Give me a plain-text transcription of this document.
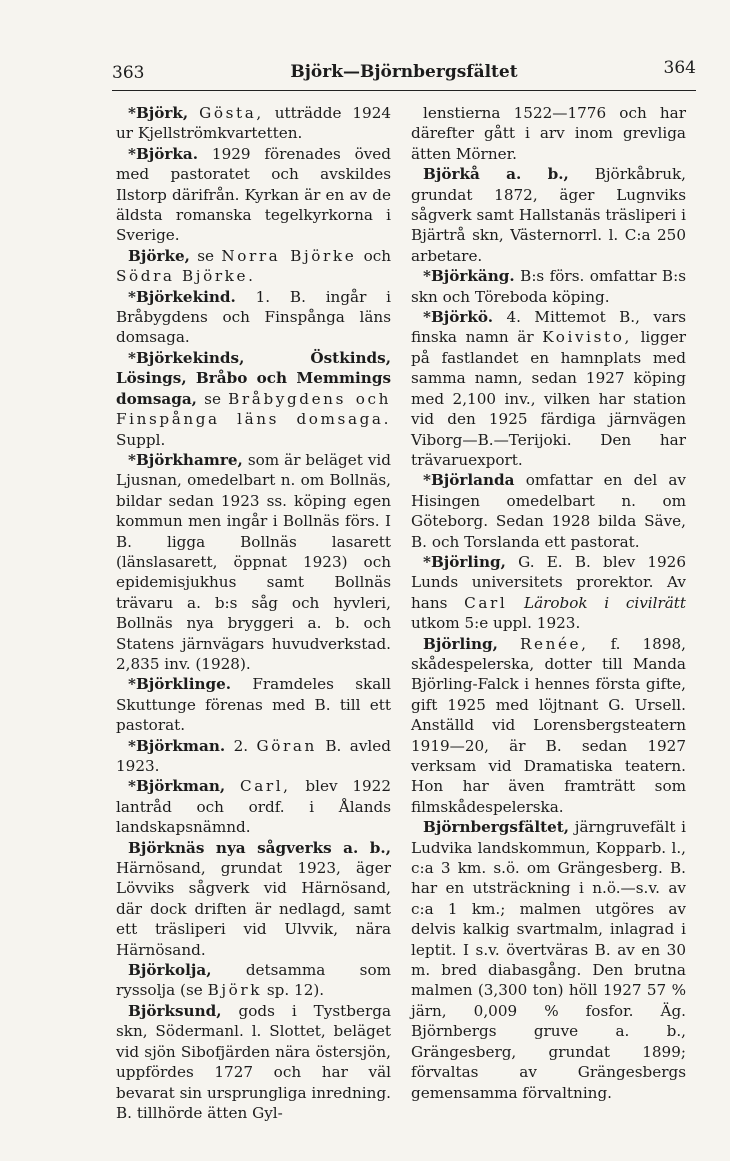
363	Björk—Björnbergsfältet	364

*Björk, Gösta, utträdde 1924 ur Kjellströmkvartetten.

*Björka. 1929 förenades öved med pastoratet och avskildes Ilstorp därifrån. Kyrkan är en av de äldsta romanska tegelkyrkorna i Sverige.

Björke, se Norra Björke och Södra Björke.

*Björkekind. 1. B. ingår i Bråbygdens och Finspånga läns domsaga.

*Björkekinds, Östkinds, Lösings, Bråbo och Memmings domsaga, se Bråbygdens och Finspånga läns domsaga. Suppl.

*Björkhamre, som är beläget vid Ljusnan, omedelbart n. om Bollnäs, bildar sedan 1923 ss. köping egen kommun men ingår i Bollnäs förs. I B. ligga Bollnäs lasarett (länslasarett, öppnat 1923) och epidemisjukhus samt Bollnäs trävaru a. b:s såg och hyvleri, Bollnäs nya bryggeri a. b. och Statens järnvägars huvudverkstad. 2,835 inv. (1928).

*Björklinge. Framdeles skall Skuttunge förenas med B. till ett pastorat.

*Björkman. 2. Göran B. avled 1923.

*Björkman, Carl, blev 1922 lantråd och ordf. i Ålands landskapsnämnd.

Björknäs nya sågverks a. b., Härnösand, grundat 1923, äger Lövviks sågverk vid Härnösand, där dock driften är nedlagd, samt ett träsliperi vid Ulvvik, nära Härnösand.

Björkolja, detsamma som ryssolja (se Björk sp. 12).

Björksund, gods i Tystberga skn, Södermanl. l. Slottet, beläget vid sjön Sibofjärden nära östersjön, uppfördes 1727 och har väl bevarat sin ursprungliga inredning. B. tillhörde ätten Gyl-

lenstierna 1522—1776 och har därefter gått i arv inom grevliga ätten Mörner.

Björkå a. b., Björkåbruk, grundat 1872, äger Lugnviks sågverk samt Hallstanäs träsliperi i Bjärtrå skn, Västernorrl. l. C:a 250 arbetare.

*Björkäng. B:s förs. omfattar B:s skn och Töreboda köping.

*Björkö. 4. Mittemot B., vars finska namn är Koivisto, ligger på fastlandet en hamnplats med samma namn, sedan 1927 köping med 2,100 inv., vilken har station vid den 1925 färdiga järnvägen Viborg—B.—Terijoki. Den har trävaruexport.

*Björlanda omfattar en del av Hisingen omedelbart n. om Göteborg. Sedan 1928 bilda Säve, B. och Torslanda ett pastorat.

*Björling, G. E. B. blev 1926 Lunds universitets prorektor. Av hans Carl Lärobok i civilrätt utkom 5:e uppl. 1923.

Björling, Renée, f. 1898, skådespelerska, dotter till Manda Björling-Falck i hennes första gifte, gift 1925 med löjtnant G. Ursell. Anställd vid Lorensbergsteatern 1919—20, är B. sedan 1927 verksam vid Dramatiska teatern. Hon har även framträtt som filmskådespelerska.

Björnbergsfältet, järngruvefält i Ludvika landskommun, Kopparb. l., c:a 3 km. s.ö. om Grängesberg. B. har en utsträckning i n.ö.—s.v. av c:a 1 km.; malmen utgöres av delvis kalkig svartmalm, inlagrad i leptit. I s.v. övertväras B. av en 30 m. bred diabasgång. Den brutna malmen (3,300 ton) höll 1927 57 % järn, 0,009 % fosfor. Äg. Björnbergs gruve a. b., Grängesberg, grundat 1899; förvaltas av Grängesbergs gemensamma förvaltning.
